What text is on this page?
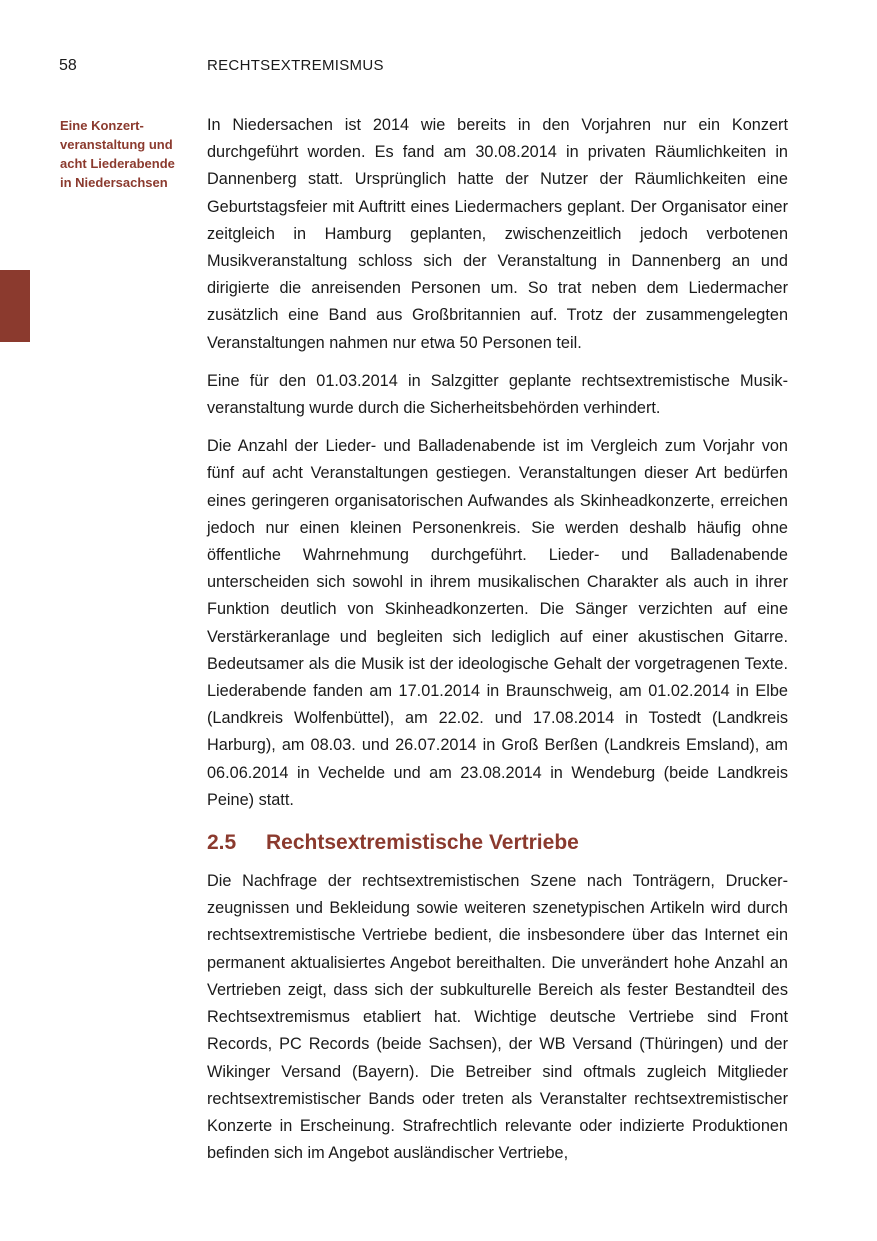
58	RECHTSEXTREMISMUS
Eine Konzertveranstaltung und acht Liederabende in Niedersachsen

In Niedersachen ist 2014 wie bereits in den Vorjahren nur ein Konzert durchgeführt worden. Es fand am 30.08.2014 in privaten Räumlichkeiten in Dannenberg statt. Ursprünglich hatte der Nutzer der Räumlichkeiten eine Geburtstagsfeier mit Auftritt eines Liedermachers geplant. Der Organisator einer zeitgleich in Hamburg geplanten, zwischenzeitlich jedoch verbotenen Musikveranstaltung schloss sich der Veranstaltung in Dannenberg an und dirigierte die anreisenden Personen um. So trat neben dem Liedermacher zusätzlich eine Band aus Großbritannien auf. Trotz der zusammengelegten Veranstaltungen nahmen nur etwa 50 Personen teil.

Eine für den 01.03.2014 in Salzgitter geplante rechtsextremistische Musikveranstaltung wurde durch die Sicherheitsbehörden verhindert.

Die Anzahl der Lieder- und Balladenabende ist im Vergleich zum Vorjahr von fünf auf acht Veranstaltungen gestiegen. Veranstaltungen dieser Art bedürfen eines geringeren organisatorischen Aufwandes als Skinheadkonzerte, erreichen jedoch nur einen kleinen Personenkreis. Sie werden deshalb häufig ohne öffentliche Wahrnehmung durchgeführt. Lieder- und Balladenabende unterscheiden sich sowohl in ihrem musikalischen Charakter als auch in ihrer Funktion deutlich von Skinheadkonzerten. Die Sänger verzichten auf eine Verstärkeranlage und begleiten sich lediglich auf einer akustischen Gitarre. Bedeutsamer als die Musik ist der ideologische Gehalt der vorgetragenen Texte. Liederabende fanden am 17.01.2014 in Braunschweig, am 01.02.2014 in Elbe (Landkreis Wolfenbüttel), am 22.02. und 17.08.2014 in Tostedt (Landkreis Harburg), am 08.03. und 26.07.2014 in Groß Berßen (Landkreis Emsland), am 06.06.2014 in Vechelde und am 23.08.2014 in Wendeburg (beide Landkreis Peine) statt.

2.5	Rechtsextremistische Vertriebe

Die Nachfrage der rechtsextremistischen Szene nach Tonträgern, Druckerzeugnissen und Bekleidung sowie weiteren szenetypischen Artikeln wird durch rechtsextremistische Vertriebe bedient, die insbesondere über das Internet ein permanent aktualisiertes Angebot bereithalten. Die unverändert hohe Anzahl an Vertrieben zeigt, dass sich der subkulturelle Bereich als fester Bestandteil des Rechtsextremismus etabliert hat. Wichtige deutsche Vertriebe sind Front Records, PC Records (beide Sachsen), der WB Versand (Thüringen) und der Wikinger Versand (Bayern). Die Betreiber sind oftmals zugleich Mitglieder rechtsextremistischer Bands oder treten als Veranstalter rechtsextremistischer Konzerte in Erscheinung. Strafrechtlich relevante oder indizierte Produktionen befinden sich im Angebot ausländischer Vertriebe,
